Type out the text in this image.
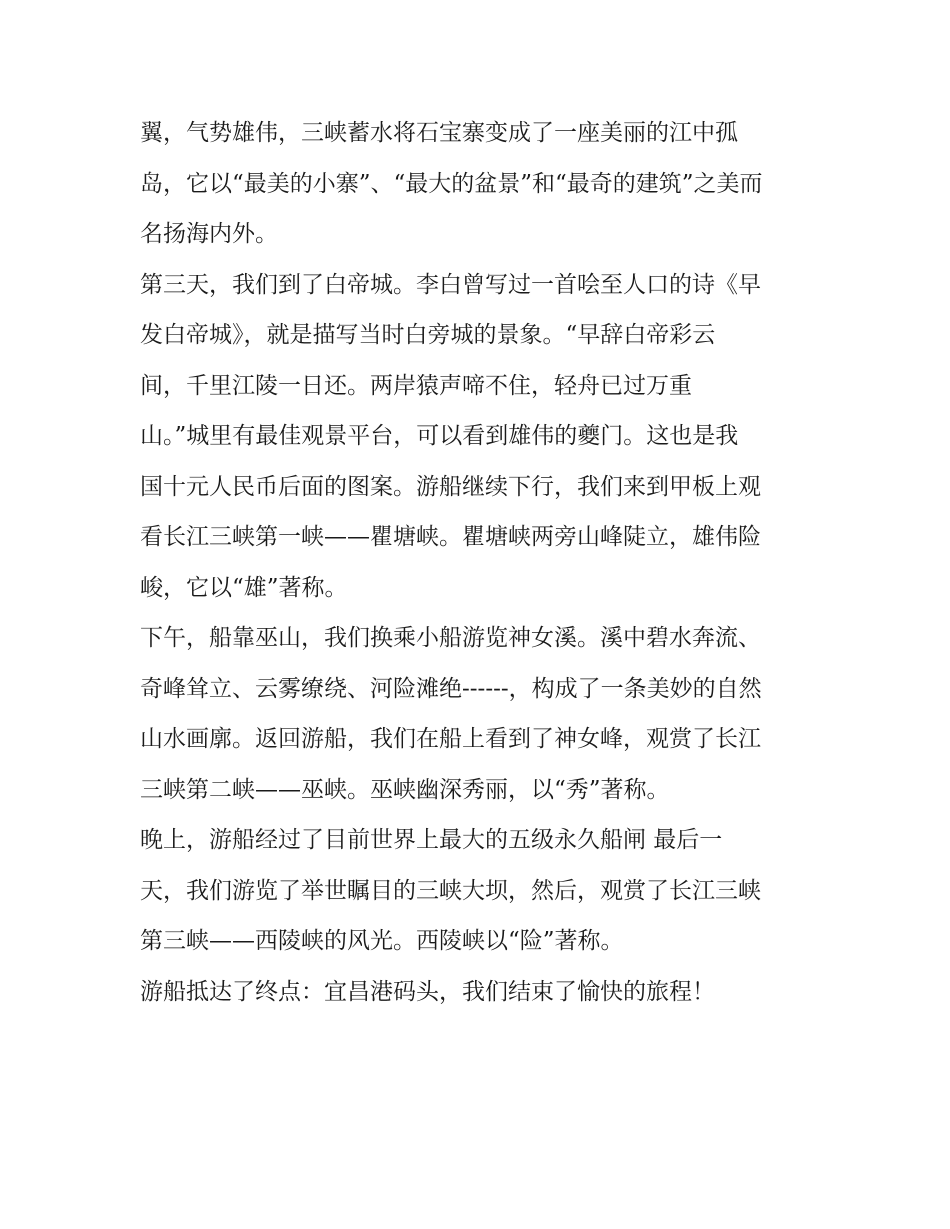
翼，气势雄伟，三峡蓄水将石宝寨变成了一座美丽的江中孤
岛，它以“最美的小寨”、“最大的盆景”和“最奇的建筑”之美而
名扬海内外。
第三天，我们到了白帝城。李白曾写过一首哙至人口的诗《早
发白帝城》，就是描写当时白旁城的景象。“早辞白帝彩云
间，千里江陵一日还。两岸猿声啼不住，轻舟已过万重
山。”城里有最佳观景平台，可以看到雄伟的夔门。这也是我
国十元人民币后面的图案。游船继续下行，我们来到甲板上观
看长江三峡第一峡——瞿塘峡。瞿塘峡两旁山峰陡立，雄伟险
峻，它以“雄”著称。
下午，船靠巫山，我们换乘小船游览神女溪。溪中碧水奔流、
奇峰耸立、云雾缭绕、河险滩绝------，构成了一条美妙的自然
山水画廓。返回游船，我们在船上看到了神女峰，观赏了长江
三峡第二峡——巫峡。巫峡幽深秀丽，以“秀”著称。
晚上，游船经过了目前世界上最大的五级永久船闸 最后一
天，我们游览了举世瞩目的三峡大坝，然后，观赏了长江三峡
第三峡——西陵峡的风光。西陵峡以“险”著称。
游船抵达了终点：宜昌港码头，我们结束了愉快的旅程！
